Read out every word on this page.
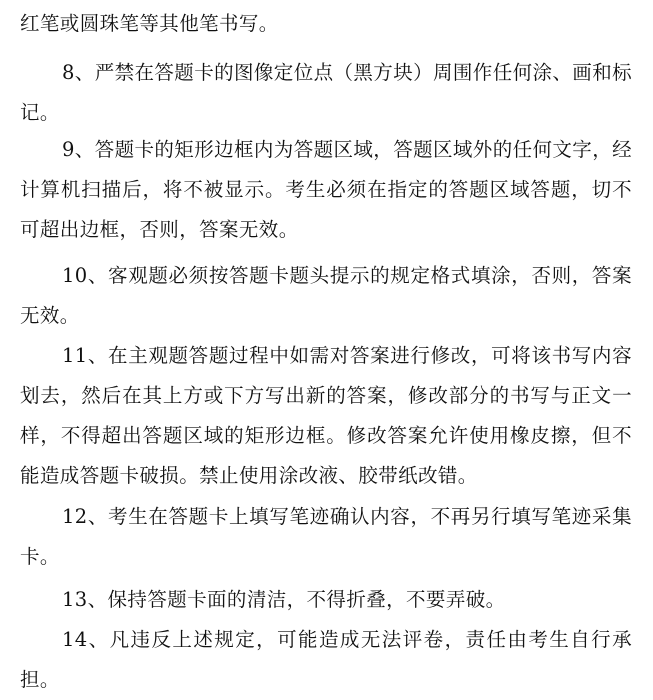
红笔或圆珠笔等其他笔书写。

8、严禁在答题卡的图像定位点（黑方块）周围作任何涂、画和标记。

9、答题卡的矩形边框内为答题区域，答题区域外的任何文字，经计算机扫描后，将不被显示。考生必须在指定的答题区域答题，切不可超出边框，否则，答案无效。

10、客观题必须按答题卡题头提示的规定格式填涂，否则，答案无效。

11、在主观题答题过程中如需对答案进行修改，可将该书写内容划去，然后在其上方或下方写出新的答案，修改部分的书写与正文一样，不得超出答题区域的矩形边框。修改答案允许使用橡皮擦，但不能造成答题卡破损。禁止使用涂改液、胶带纸改错。

12、考生在答题卡上填写笔迹确认内容，不再另行填写笔迹采集卡。

13、保持答题卡面的清洁，不得折叠，不要弄破。

14、凡违反上述规定，可能造成无法评卷，责任由考生自行承担。
